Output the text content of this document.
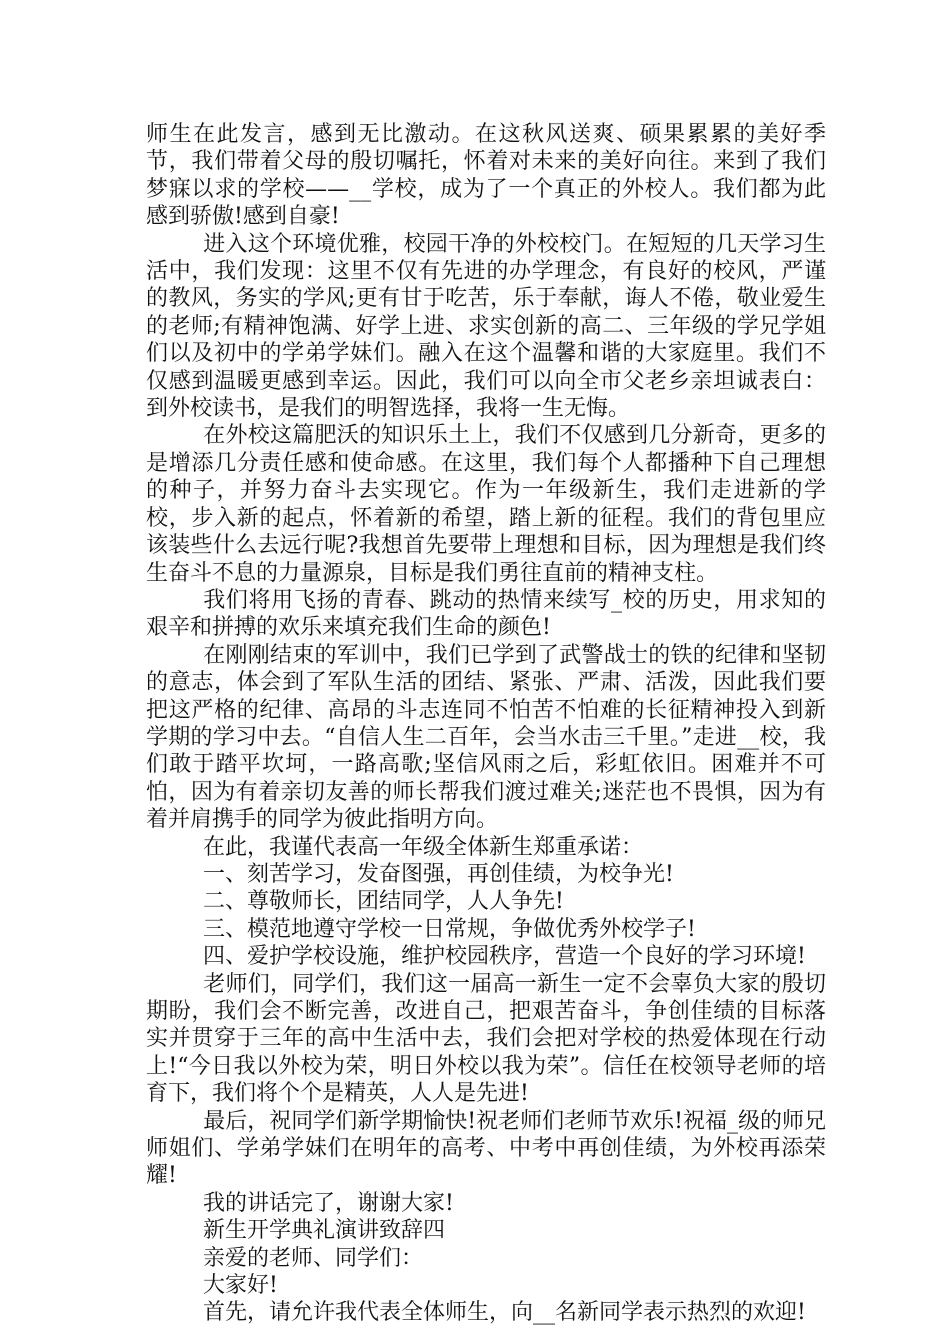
师生在此发言，感到无比激动。在这秋风送爽、硕果累累的美好季节，我们带着父母的殷切嘱托，怀着对未来的美好向往。来到了我们梦寐以求的学校——__学校，成为了一个真正的外校人。我们都为此感到骄傲!感到自豪!

进入这个环境优雅，校园干净的外校校门。在短短的几天学习生活中，我们发现：这里不仅有先进的办学理念，有良好的校风，严谨的教风，务实的学风;更有甘于吃苦，乐于奉献，诲人不倦，敬业爱生的老师;有精神饱满、好学上进、求实创新的高二、三年级的学兄学姐们以及初中的学弟学妹们。融入在这个温馨和谐的大家庭里。我们不仅感到温暖更感到幸运。因此，我们可以向全市父老乡亲坦诚表白：到外校读书，是我们的明智选择，我将一生无悔。

在外校这篇肥沃的知识乐土上，我们不仅感到几分新奇，更多的是增添几分责任感和使命感。在这里，我们每个人都播种下自己理想的种子，并努力奋斗去实现它。作为一年级新生，我们走进新的学校，步入新的起点，怀着新的希望，踏上新的征程。我们的背包里应该装些什么去远行呢?我想首先要带上理想和目标，因为理想是我们终生奋斗不息的力量源泉，目标是我们勇往直前的精神支柱。

我们将用飞扬的青春、跳动的热情来续写_校的历史，用求知的艰辛和拼搏的欢乐来填充我们生命的颜色!

在刚刚结束的军训中，我们已学到了武警战士的铁的纪律和坚韧的意志，体会到了军队生活的团结、紧张、严肃、活泼，因此我们要把这严格的纪律、高昂的斗志连同不怕苦不怕难的长征精神投入到新学期的学习中去。“自信人生二百年，会当水击三千里。”走进__校，我们敢于踏平坎坷，一路高歌;坚信风雨之后，彩虹依旧。困难并不可怕，因为有着亲切友善的师长帮我们渡过难关;迷茫也不畏惧，因为有着并肩携手的同学为彼此指明方向。

在此，我谨代表高一年级全体新生郑重承诺：

一、刻苦学习，发奋图强，再创佳绩，为校争光!

二、尊敬师长，团结同学，人人争先!

三、模范地遵守学校一日常规，争做优秀外校学子!

四、爱护学校设施，维护校园秩序，营造一个良好的学习环境!

老师们，同学们，我们这一届高一新生一定不会辜负大家的殷切期盼，我们会不断完善，改进自己，把艰苦奋斗，争创佳绩的目标落实并贯穿于三年的高中生活中去，我们会把对学校的热爱体现在行动上!“今日我以外校为荣，明日外校以我为荣”。信任在校领导老师的培育下，我们将个个是精英，人人是先进!

最后，祝同学们新学期愉快!祝老师们老师节欢乐!祝福_级的师兄师姐们、学弟学妹们在明年的高考、中考中再创佳绩，为外校再添荣耀!

我的讲话完了，谢谢大家!

新生开学典礼演讲致辞四

亲爱的老师、同学们：

大家好!

首先，请允许我代表全体师生，向__名新同学表示热烈的欢迎!
